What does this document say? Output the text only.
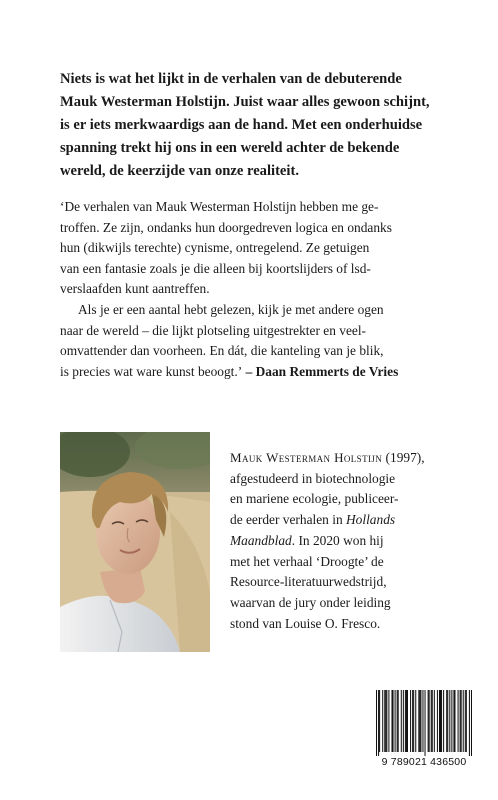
Niets is wat het lijkt in de verhalen van de debuterende
Mauk Westerman Holstijn. Juist waar alles gewoon schijnt,
is er iets merkwaardigs aan de hand. Met een onderhuidse
spanning trekt hij ons in een wereld achter de bekende
wereld, de keerzijde van onze realiteit.
‘De verhalen van Mauk Westerman Holstijn hebben me ge-
troffen. Ze zijn, ondanks hun doorgedreven logica en ondanks
hun (dikwijls terechte) cynisme, ontregelend. Ze getuigen
van een fantasie zoals je die alleen bij koortslijders of lsd-
verslaafden kunt aantreffen.
Als je er een aantal hebt gelezen, kijk je met andere ogen
naar de wereld – die lijkt plotseling uitgestrekter en veel-
omvattender dan voorheen. En dát, die kanteling van je blik,
is precies wat ware kunst beoogt.’ – Daan Remmerts de Vries
Mauk Westerman Holstijn (1997),
afgestudeerd in biotechnologie
en mariene ecologie, publiceer-
de eerder verhalen in Hollands
Maandblad. In 2020 won hij
met het verhaal ‘Droogte’ de
Resource-literatuurwedstrijd,
waarvan de jury onder leiding
stond van Louise O. Fresco.
9 789021 436500
